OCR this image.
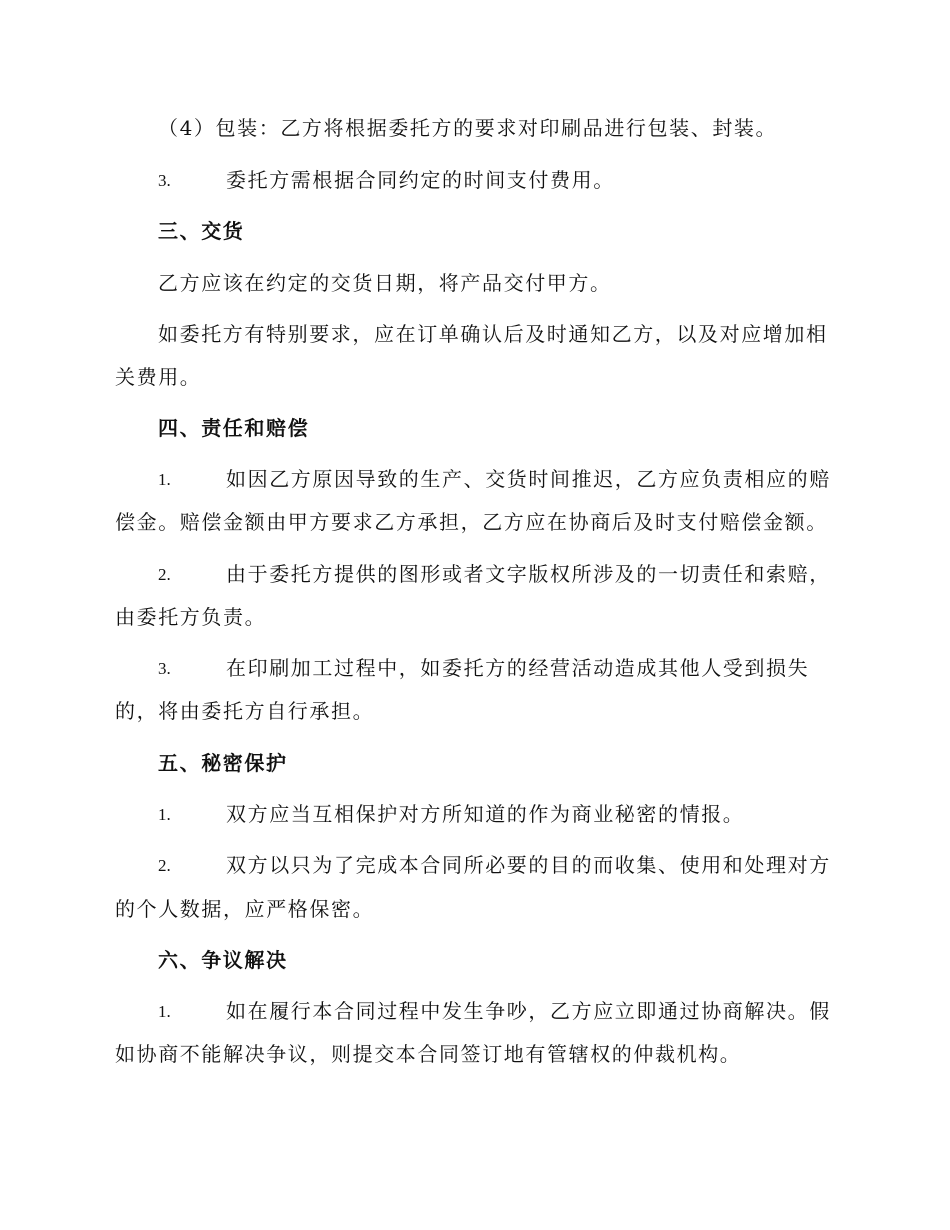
（4）包装：乙方将根据委托方的要求对印刷品进行包装、封装。
3.	委托方需根据合同约定的时间支付费用。
三、交货
乙方应该在约定的交货日期，将产品交付甲方。
如委托方有特别要求，应在订单确认后及时通知乙方，以及对应增加相
关费用。
四、责任和赔偿
1.	如因乙方原因导致的生产、交货时间推迟，乙方应负责相应的赔
偿金。赔偿金额由甲方要求乙方承担，乙方应在协商后及时支付赔偿金额。
2.	由于委托方提供的图形或者文字版权所涉及的一切责任和索赔，
由委托方负责。
3.	在印刷加工过程中，如委托方的经营活动造成其他人受到损失
的，将由委托方自行承担。
五、秘密保护
1.	双方应当互相保护对方所知道的作为商业秘密的情报。
2.	双方以只为了完成本合同所必要的目的而收集、使用和处理对方
的个人数据，应严格保密。
六、争议解决
1.	如在履行本合同过程中发生争吵，乙方应立即通过协商解决。假
如协商不能解决争议，则提交本合同签订地有管辖权的仲裁机构。
